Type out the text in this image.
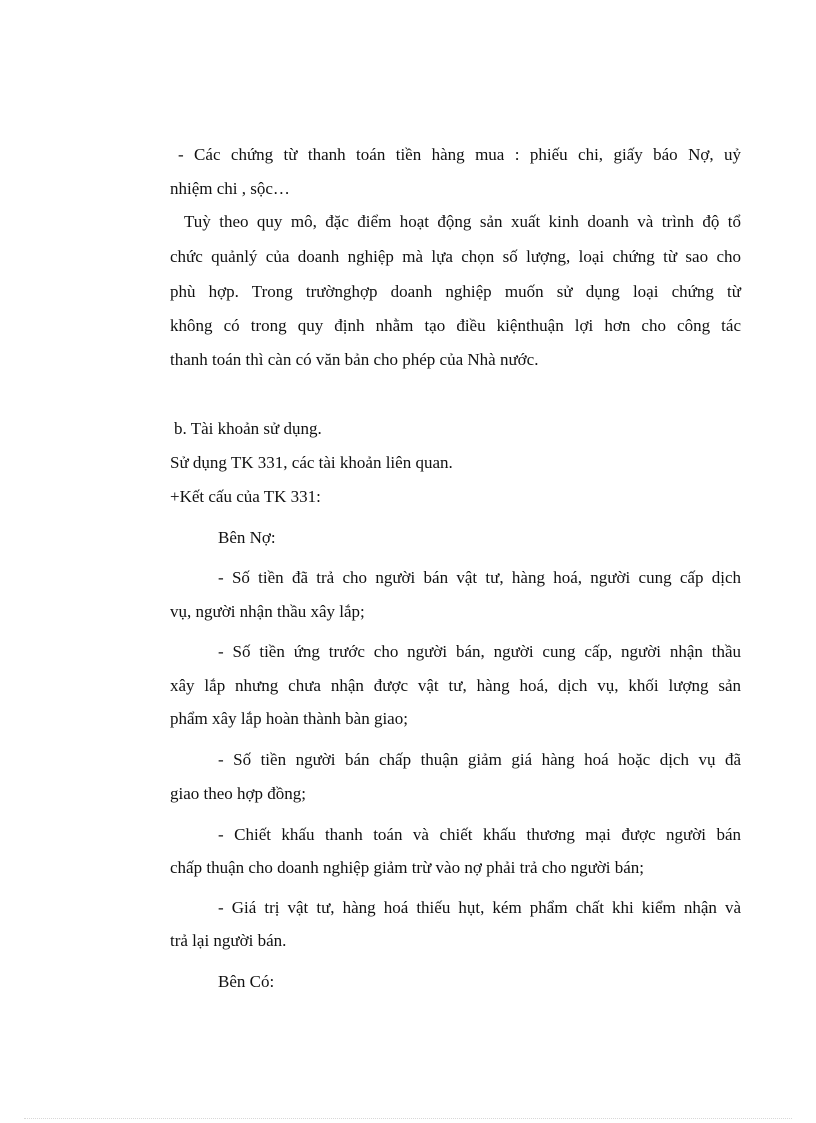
- Các chứng từ thanh toán tiền hàng mua : phiếu chi, giấy báo Nợ, uỷ
nhiệm chi , sộc…
Tuỳ theo quy mô, đặc điểm hoạt động sản xuất kinh doanh và trình độ tổ
chức quảnlý của doanh nghiệp mà lựa chọn số lượng, loại chứng từ sao cho
phù hợp. Trong trườnghợp doanh nghiệp muốn sử dụng loại chứng từ
không có trong quy định nhằm tạo điều kiệnthuận lợi hơn cho công tác
thanh toán thì càn có văn bản cho phép của Nhà nước.
b. Tài khoản sử dụng.
Sử dụng TK 331, các tài khoản liên quan.
+Kết cấu của TK 331:
Bên Nợ:
- Số tiền đã trả cho người bán vật tư, hàng hoá, người cung cấp dịch
vụ, người nhận thầu xây lắp;
- Số tiền ứng trước cho người bán, người cung cấp, người nhận thầu
xây lắp nhưng chưa nhận được vật tư, hàng hoá, dịch vụ, khối lượng sản
phẩm xây lắp hoàn thành bàn giao;
- Số tiền người bán chấp thuận giảm giá hàng hoá hoặc dịch vụ đã
giao theo hợp đồng;
- Chiết khấu thanh toán và chiết khấu thương mại được người bán
chấp thuận cho doanh nghiệp giảm trừ vào nợ phải trả cho người bán;
- Giá trị vật tư, hàng hoá thiếu hụt, kém phẩm chất khi kiểm nhận và
trả lại người bán.
Bên Có:
